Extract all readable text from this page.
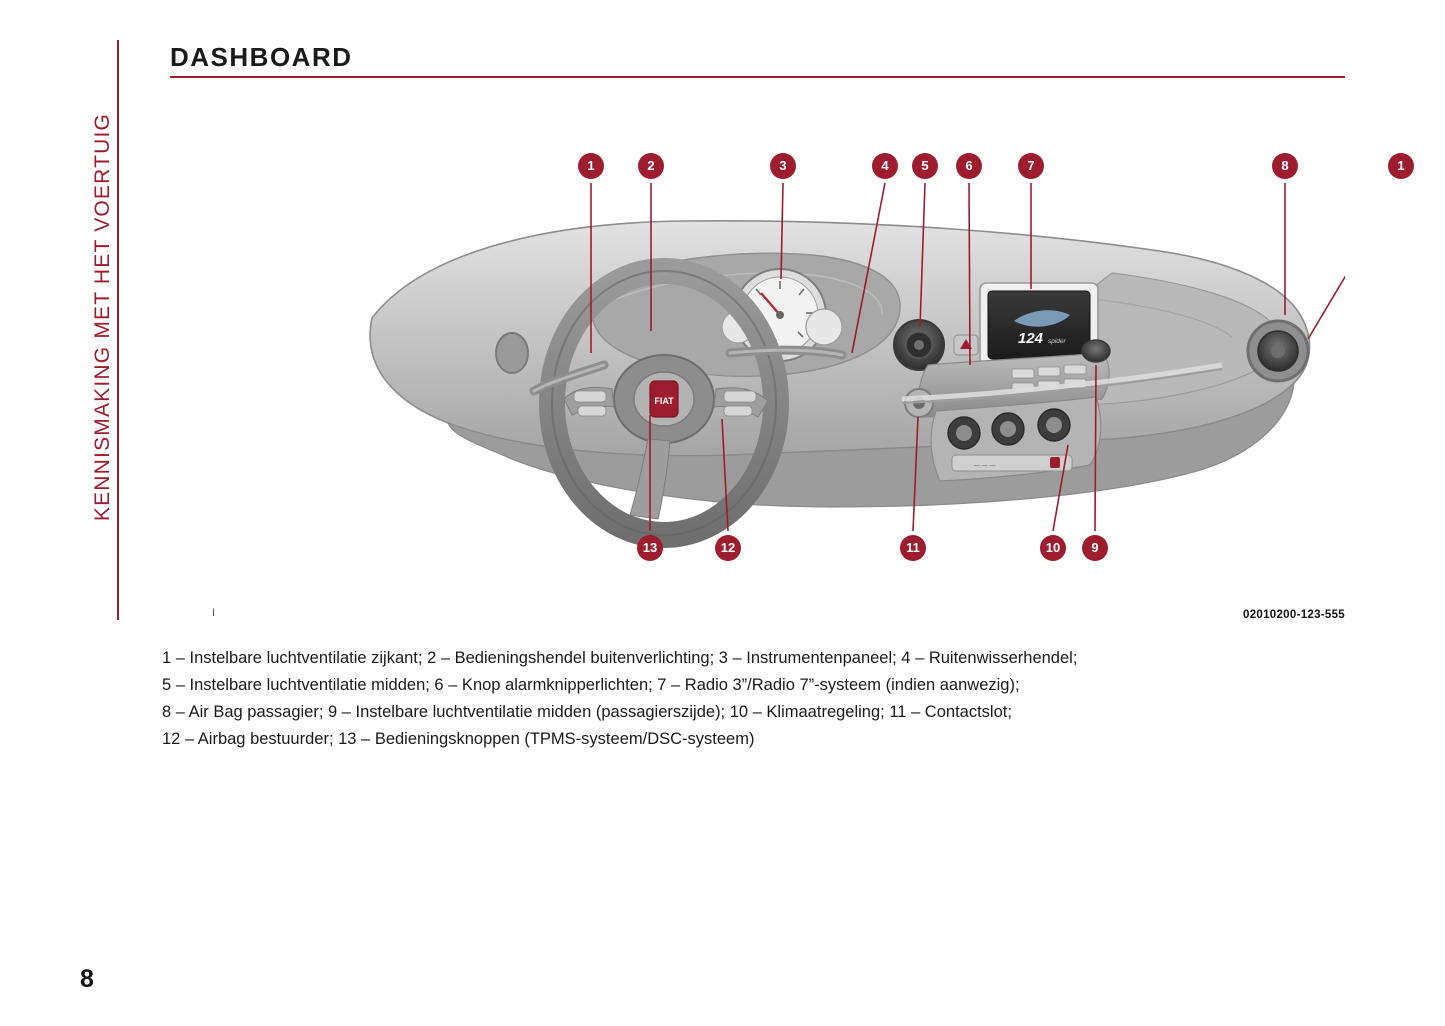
KENNISMAKING MET HET VOERTUIG
DASHBOARD
FIAT
124 spider
— — —
1	2	3	4	5	6	7	8	1
13	12	11	10	9
I	02010200-123-555
1 – Instelbare luchtventilatie zijkant; 2 – Bedieningshendel buitenverlichting; 3 – Instrumentenpaneel; 4 – Ruitenwisserhendel;
5 – Instelbare luchtventilatie midden; 6 – Knop alarmknipperlichten; 7 – Radio 3”/Radio 7”-systeem (indien aanwezig);
8 – Air Bag passagier; 9 – Instelbare luchtventilatie midden (passagierszijde); 10 – Klimaatregeling; 11 – Contactslot;
12 – Airbag bestuurder; 13 – Bedieningsknoppen (TPMS-systeem/DSC-systeem)
8
